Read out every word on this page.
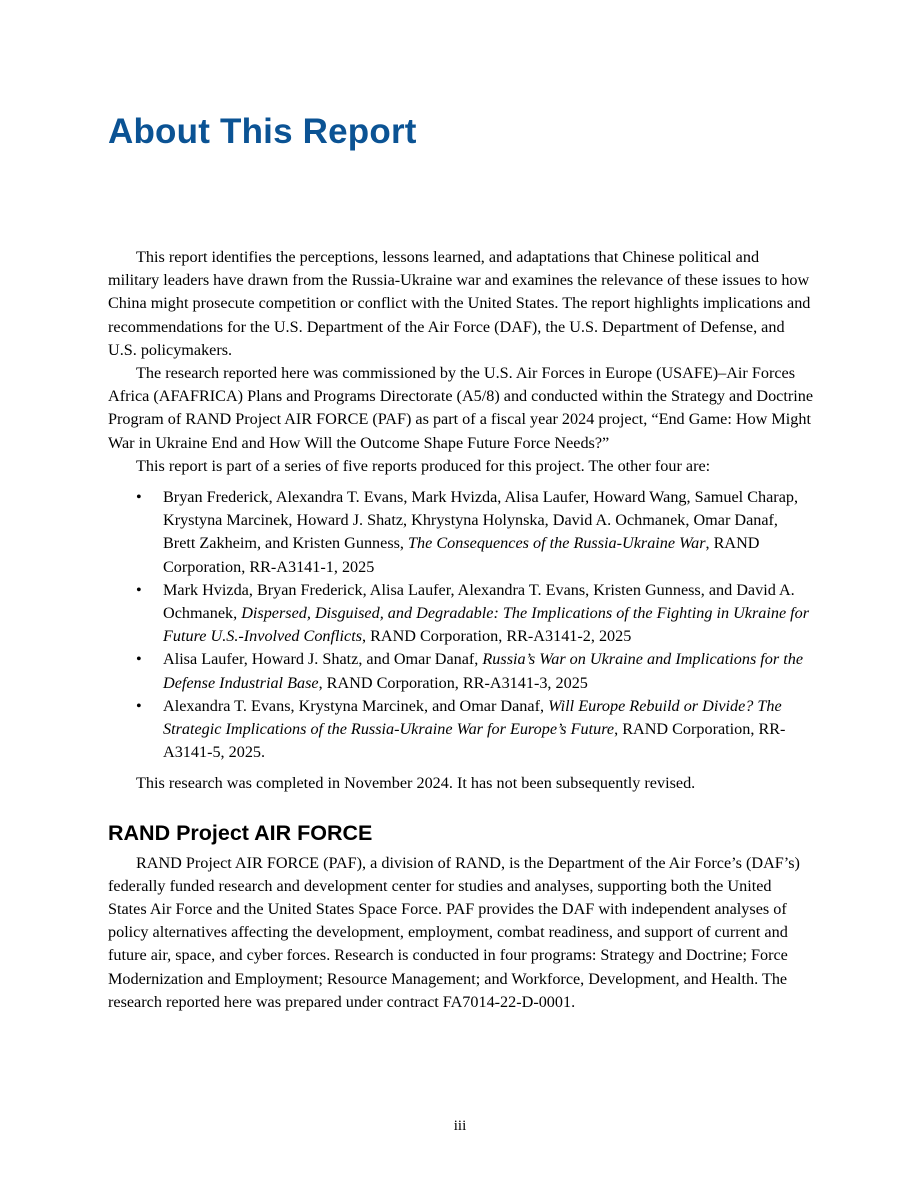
About This Report

This report identifies the perceptions, lessons learned, and adaptations that Chinese political and military leaders have drawn from the Russia-Ukraine war and examines the relevance of these issues to how China might prosecute competition or conflict with the United States. The report highlights implications and recommendations for the U.S. Department of the Air Force (DAF), the U.S. Department of Defense, and U.S. policymakers.

The research reported here was commissioned by the U.S. Air Forces in Europe (USAFE)–Air Forces Africa (AFAFRICA) Plans and Programs Directorate (A5/8) and conducted within the Strategy and Doctrine Program of RAND Project AIR FORCE (PAF) as part of a fiscal year 2024 project, “End Game: How Might War in Ukraine End and How Will the Outcome Shape Future Force Needs?”

This report is part of a series of five reports produced for this project. The other four are:

•	Bryan Frederick, Alexandra T. Evans, Mark Hvizda, Alisa Laufer, Howard Wang, Samuel Charap, Krystyna Marcinek, Howard J. Shatz, Khrystyna Holynska, David A. Ochmanek, Omar Danaf, Brett Zakheim, and Kristen Gunness, The Consequences of the Russia-Ukraine War, RAND Corporation, RR-A3141-1, 2025
•	Mark Hvizda, Bryan Frederick, Alisa Laufer, Alexandra T. Evans, Kristen Gunness, and David A. Ochmanek, Dispersed, Disguised, and Degradable: The Implications of the Fighting in Ukraine for Future U.S.-Involved Conflicts, RAND Corporation, RR-A3141-2, 2025
•	Alisa Laufer, Howard J. Shatz, and Omar Danaf, Russia’s War on Ukraine and Implications for the Defense Industrial Base, RAND Corporation, RR-A3141-3, 2025
•	Alexandra T. Evans, Krystyna Marcinek, and Omar Danaf, Will Europe Rebuild or Divide? The Strategic Implications of the Russia-Ukraine War for Europe’s Future, RAND Corporation, RR-A3141-5, 2025.

This research was completed in November 2024. It has not been subsequently revised.

RAND Project AIR FORCE

RAND Project AIR FORCE (PAF), a division of RAND, is the Department of the Air Force’s (DAF’s) federally funded research and development center for studies and analyses, supporting both the United States Air Force and the United States Space Force. PAF provides the DAF with independent analyses of policy alternatives affecting the development, employment, combat readiness, and support of current and future air, space, and cyber forces. Research is conducted in four programs: Strategy and Doctrine; Force Modernization and Employment; Resource Management; and Workforce, Development, and Health. The research reported here was prepared under contract FA7014-22-D-0001.

iii
